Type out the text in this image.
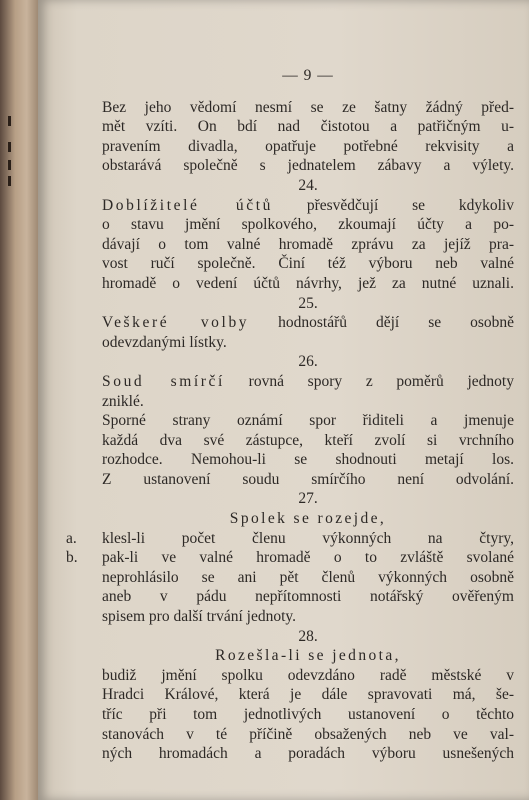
— 9 —
Bez jeho vědomí nesmí se ze šatny žádný před-
mět vzíti. On bdí nad čistotou a patřičným u-
pravením divadla, opatřuje potřebné rekvisity a
obstarává společně s jednatelem zábavy a výlety.
24.
Doblížitelé účtů přesvědčují se kdykoliv
o stavu jmění spolkového, zkoumají účty a po-
dávají o tom valné hromadě zprávu za jejíž pra-
vost ručí společně. Činí též výboru neb valné
hromadě o vedení účtů návrhy, jež za nutné uznali.
25.
Veškeré volby hodnostářů dějí se osobně
odevzdanými lístky.
26.
Soud smírčí rovná spory z poměrů jednoty
zniklé.
Sporné strany oznámí spor řiditeli a jmenuje
každá dva své zástupce, kteří zvolí si vrchního
rozhodce. Nemohou-li se shodnouti metají los.
Z ustanovení soudu smírčího není odvolání.
27.
Spolek se rozejde,
a. klesl-li počet členu výkonných na čtyry,
b. pak-li ve valné hromadě o to zvláště svolané
neprohlásilo se ani pět členů výkonných osobně
aneb v pádu nepřítomnosti notářský ověřeným
spisem pro další trvání jednoty.
28.
Rozešla-li se jednota,
budiž jmění spolku odevzdáno radě městské v
Hradci Králové, která je dále spravovati má, še-
tříc při tom jednotlivých ustanovení o těchto
stanovách v té příčině obsažených neb ve val-
ných hromadách a poradách výboru usnešených
